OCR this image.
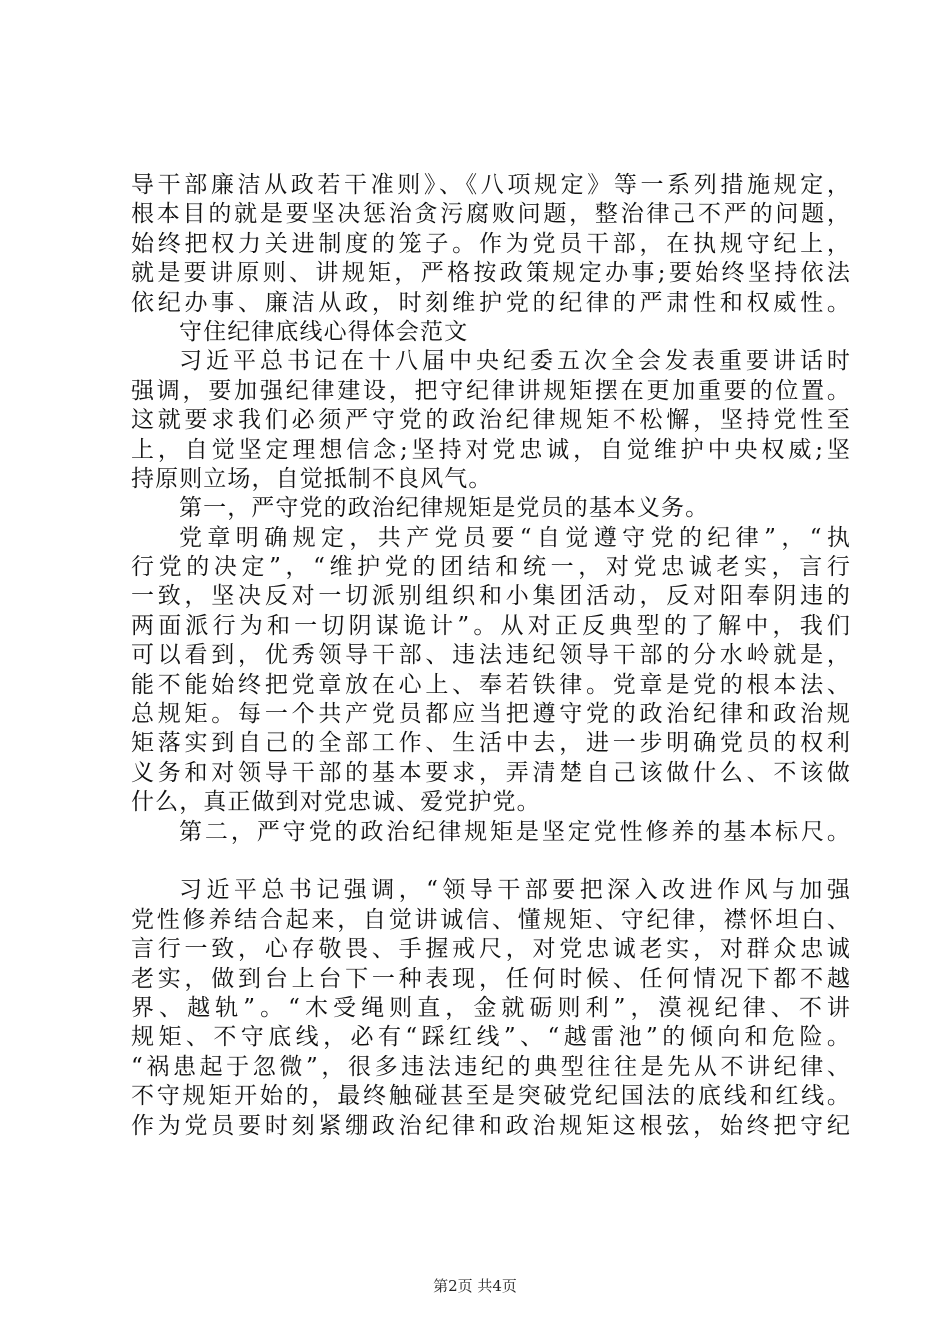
导干部廉洁从政若干准则》、《八项规定》等一系列措施规定，
根本目的就是要坚决惩治贪污腐败问题，整治律己不严的问题，
始终把权力关进制度的笼子。作为党员干部，在执规守纪上，
就是要讲原则、讲规矩，严格按政策规定办事;要始终坚持依法
依纪办事、廉洁从政，时刻维护党的纪律的严肃性和权威性。
守住纪律底线心得体会范文
习近平总书记在十八届中央纪委五次全会发表重要讲话时
强调，要加强纪律建设，把守纪律讲规矩摆在更加重要的位置。
这就要求我们必须严守党的政治纪律规矩不松懈，坚持党性至
上，自觉坚定理想信念;坚持对党忠诚，自觉维护中央权威;坚
持原则立场，自觉抵制不良风气。
第一，严守党的政治纪律规矩是党员的基本义务。
党章明确规定，共产党员要“自觉遵守党的纪律”，“执
行党的决定”，“维护党的团结和统一，对党忠诚老实，言行
一致，坚决反对一切派别组织和小集团活动，反对阳奉阴违的
两面派行为和一切阴谋诡计”。从对正反典型的了解中，我们
可以看到，优秀领导干部、违法违纪领导干部的分水岭就是，
能不能始终把党章放在心上、奉若铁律。党章是党的根本法、
总规矩。每一个共产党员都应当把遵守党的政治纪律和政治规
矩落实到自己的全部工作、生活中去，进一步明确党员的权利
义务和对领导干部的基本要求，弄清楚自己该做什么、不该做
什么，真正做到对党忠诚、爱党护党。
第二，严守党的政治纪律规矩是坚定党性修养的基本标尺。
习近平总书记强调，“领导干部要把深入改进作风与加强
党性修养结合起来，自觉讲诚信、懂规矩、守纪律，襟怀坦白、
言行一致，心存敬畏、手握戒尺，对党忠诚老实，对群众忠诚
老实，做到台上台下一种表现，任何时候、任何情况下都不越
界、越轨”。“木受绳则直，金就砺则利”，漠视纪律、不讲
规矩、不守底线，必有“踩红线”、“越雷池”的倾向和危险。
“祸患起于忽微”，很多违法违纪的典型往往是先从不讲纪律、
不守规矩开始的，最终触碰甚至是突破党纪国法的底线和红线。
作为党员要时刻紧绷政治纪律和政治规矩这根弦，始终把守纪
第2页 共4页
